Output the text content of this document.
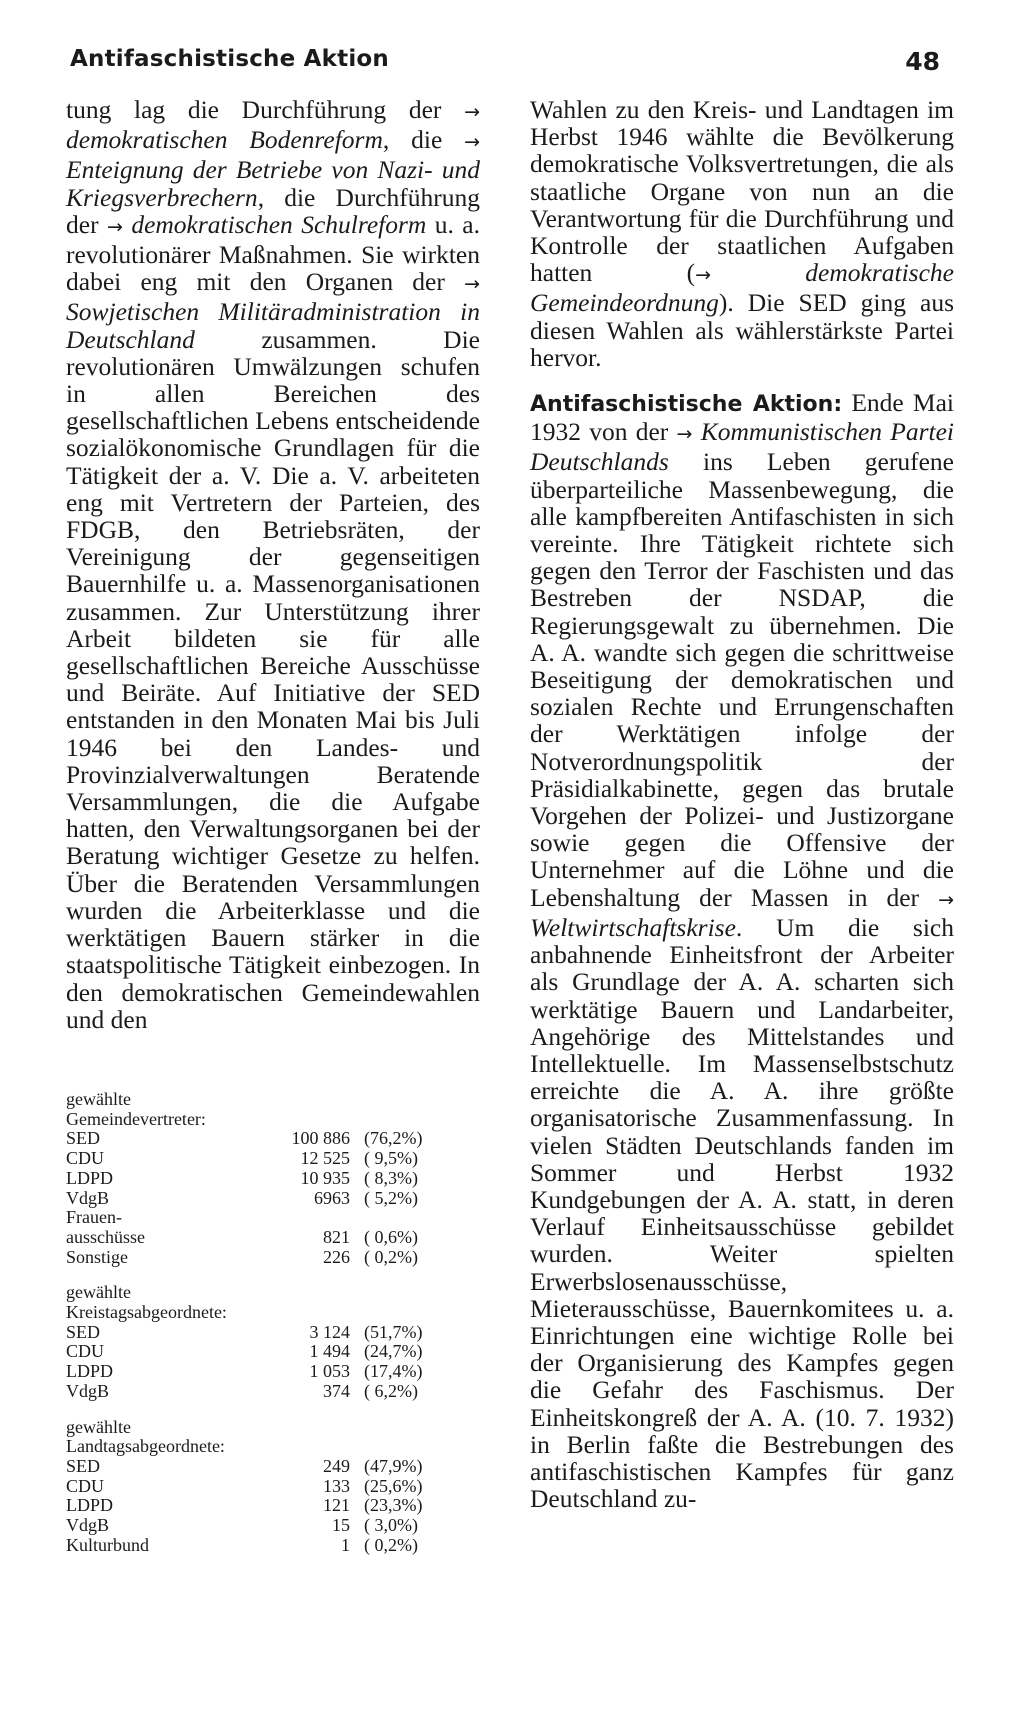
Antifaschistische Aktion	48

tung lag die Durchführung der → demokratischen Bodenreform, die → Enteignung der Betriebe von Nazi- und Kriegsverbrechern, die Durchführung der → demokratischen Schulreform u. a. revolutionärer Maßnahmen. Sie wirkten dabei eng mit den Organen der → Sowjetischen Militäradministration in Deutschland zusammen. Die revolutionären Umwälzungen schufen in allen Bereichen des gesellschaftlichen Lebens entscheidende sozialökonomische Grundlagen für die Tätigkeit der a. V. Die a. V. arbeiteten eng mit Vertretern der Parteien, des FDGB, den Betriebsräten, der Vereinigung der gegenseitigen Bauernhilfe u. a. Massenorganisationen zusammen. Zur Unterstützung ihrer Arbeit bildeten sie für alle gesellschaftlichen Bereiche Ausschüsse und Beiräte. Auf Initiative der SED entstanden in den Monaten Mai bis Juli 1946 bei den Landes- und Provinzialverwaltungen Beratende Versammlungen, die die Aufgabe hatten, den Verwaltungsorganen bei der Beratung wichtiger Gesetze zu helfen. Über die Beratenden Versammlungen wurden die Arbeiterklasse und die werktätigen Bauern stärker in die staatspolitische Tätigkeit einbezogen. In den demokratischen Gemeindewahlen und den

gewählte
Gemeindevertreter:
SED	100 886 (76,2%)
CDU	12 525 ( 9,5%)
LDPD	10 935 ( 8,3%)
VdgB	6963 ( 5,2%)
Frauen-
ausschüsse	821 ( 0,6%)
Sonstige	226 ( 0,2%)
gewählte
Kreistagsabgeordnete:
SED	3 124 (51,7%)
CDU	1 494 (24,7%)
LDPD	1 053 (17,4%)
VdgB	374 ( 6,2%)
gewählte
Landtagsabgeordnete:
SED	249 (47,9%)
CDU	133 (25,6%)
LDPD	121 (23,3%)
VdgB	15 ( 3,0%)
Kulturbund	1 ( 0,2%)

Wahlen zu den Kreis- und Landtagen im Herbst 1946 wählte die Bevölkerung demokratische Volksvertretungen, die als staatliche Organe von nun an die Verantwortung für die Durchführung und Kontrolle der staatlichen Aufgaben hatten (→ demokratische Gemeindeordnung). Die SED ging aus diesen Wahlen als wählerstärkste Partei hervor.

Antifaschistische Aktion: Ende Mai 1932 von der → Kommunistischen Partei Deutschlands ins Leben gerufene überparteiliche Massenbewegung, die alle kampfbereiten Antifaschisten in sich vereinte. Ihre Tätigkeit richtete sich gegen den Terror der Faschisten und das Bestreben der NSDAP, die Regierungsgewalt zu übernehmen. Die A. A. wandte sich gegen die schrittweise Beseitigung der demokratischen und sozialen Rechte und Errungenschaften der Werktätigen infolge der Notverordnungspolitik der Präsidialkabinette, gegen das brutale Vorgehen der Polizei- und Justizorgane sowie gegen die Offensive der Unternehmer auf die Löhne und die Lebenshaltung der Massen in der → Weltwirtschaftskrise. Um die sich anbahnende Einheitsfront der Arbeiter als Grundlage der A. A. scharten sich werktätige Bauern und Landarbeiter, Angehörige des Mittelstandes und Intellektuelle. Im Massenselbstschutz erreichte die A. A. ihre größte organisatorische Zusammenfassung. In vielen Städten Deutschlands fanden im Sommer und Herbst 1932 Kundgebungen der A. A. statt, in deren Verlauf Einheitsausschüsse gebildet wurden. Weiter spielten Erwerbslosenausschüsse, Mieterausschüsse, Bauernkomitees u. a. Einrichtungen eine wichtige Rolle bei der Organisierung des Kampfes gegen die Gefahr des Faschismus. Der Einheitskongreß der A. A. (10. 7. 1932) in Berlin faßte die Bestrebungen des antifaschistischen Kampfes für ganz Deutschland zu-
